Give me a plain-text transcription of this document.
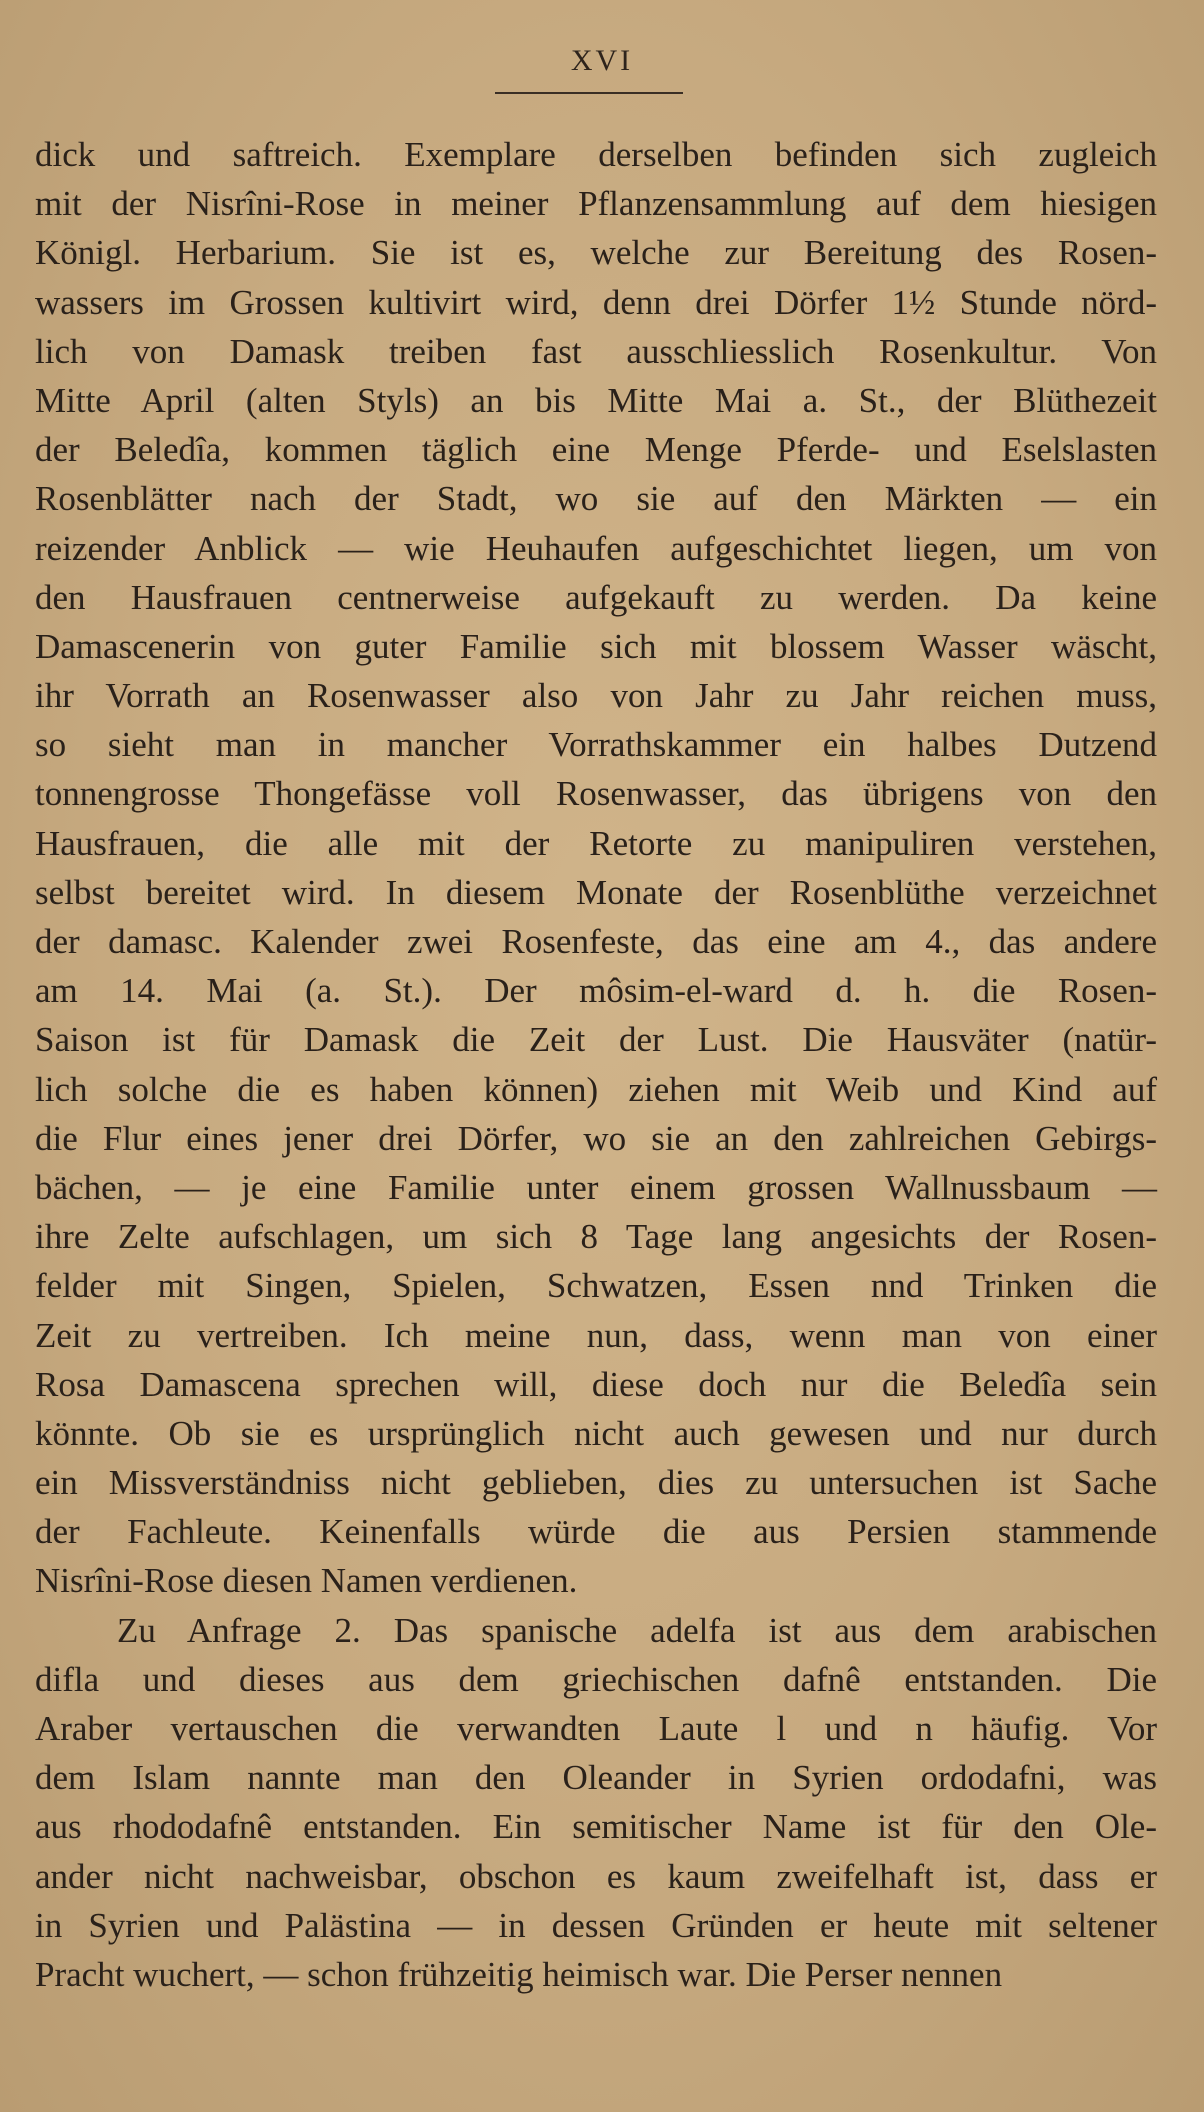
XVI
dick und saftreich. Exemplare derselben befinden sich zugleich
mit der Nisrîni-Rose in meiner Pflanzensammlung auf dem hiesigen
Königl. Herbarium. Sie ist es, welche zur Bereitung des Rosen-
wassers im Grossen kultivirt wird, denn drei Dörfer 1½ Stunde nörd-
lich von Damask treiben fast ausschliesslich Rosenkultur. Von
Mitte April (alten Styls) an bis Mitte Mai a. St., der Blüthezeit
der Beledîa, kommen täglich eine Menge Pferde- und Eselslasten
Rosenblätter nach der Stadt, wo sie auf den Märkten — ein
reizender Anblick — wie Heuhaufen aufgeschichtet liegen, um von
den Hausfrauen centnerweise aufgekauft zu werden. Da keine
Damascenerin von guter Familie sich mit blossem Wasser wäscht,
ihr Vorrath an Rosenwasser also von Jahr zu Jahr reichen muss,
so sieht man in mancher Vorrathskammer ein halbes Dutzend
tonnengrosse Thongefässe voll Rosenwasser, das übrigens von den
Hausfrauen, die alle mit der Retorte zu manipuliren verstehen,
selbst bereitet wird. In diesem Monate der Rosenblüthe verzeichnet
der damasc. Kalender zwei Rosenfeste, das eine am 4., das andere
am 14. Mai (a. St.). Der môsim-el-ward d. h. die Rosen-
Saison ist für Damask die Zeit der Lust. Die Hausväter (natür-
lich solche die es haben können) ziehen mit Weib und Kind auf
die Flur eines jener drei Dörfer, wo sie an den zahlreichen Gebirgs-
bächen, — je eine Familie unter einem grossen Wallnussbaum —
ihre Zelte aufschlagen, um sich 8 Tage lang angesichts der Rosen-
felder mit Singen, Spielen, Schwatzen, Essen nnd Trinken die
Zeit zu vertreiben. Ich meine nun, dass, wenn man von einer
Rosa Damascena sprechen will, diese doch nur die Beledîa sein
könnte. Ob sie es ursprünglich nicht auch gewesen und nur durch
ein Missverständniss nicht geblieben, dies zu untersuchen ist Sache
der Fachleute. Keinenfalls würde die aus Persien stammende
Nisrîni-Rose diesen Namen verdienen.
Zu Anfrage 2. Das spanische adelfa ist aus dem arabischen
difla und dieses aus dem griechischen dafnê entstanden. Die
Araber vertauschen die verwandten Laute l und n häufig. Vor
dem Islam nannte man den Oleander in Syrien ordodafni, was
aus rhododafnê entstanden. Ein semitischer Name ist für den Ole-
ander nicht nachweisbar, obschon es kaum zweifelhaft ist, dass er
in Syrien und Palästina — in dessen Gründen er heute mit seltener
Pracht wuchert, — schon frühzeitig heimisch war. Die Perser nennen
